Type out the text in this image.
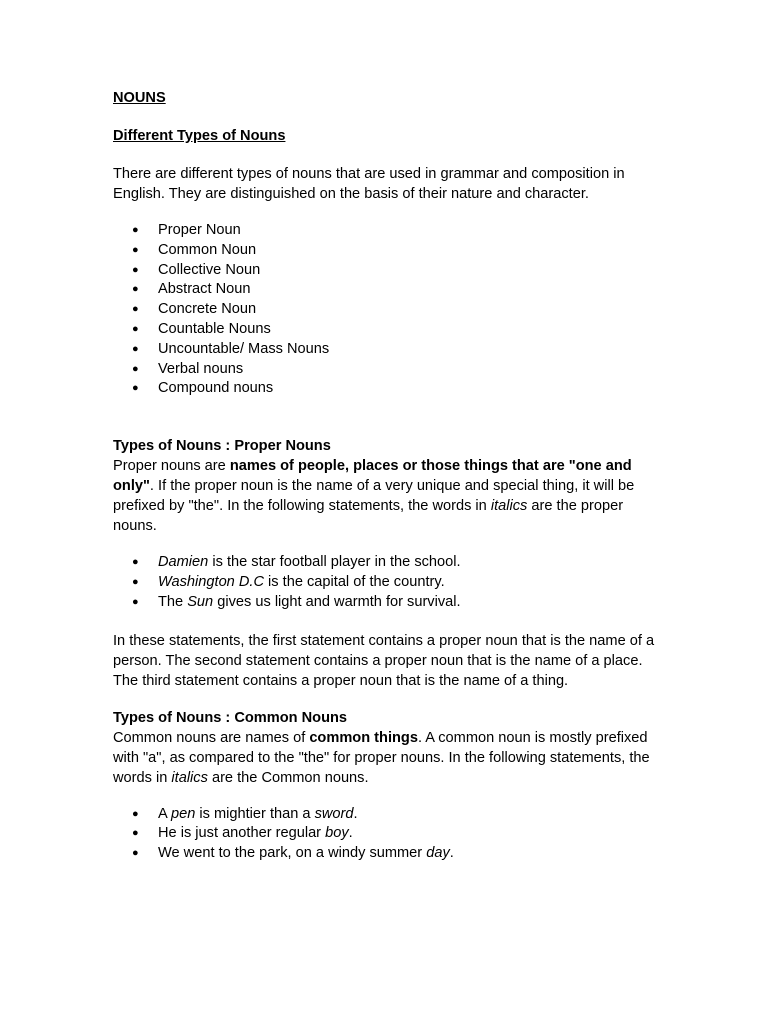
NOUNS

Different Types of Nouns

There are different types of nouns that are used in grammar and composition in English. They are distinguished on the basis of their nature and character.

● Proper Noun
● Common Noun
● Collective Noun
● Abstract Noun
● Concrete Noun
● Countable Nouns
● Uncountable/ Mass Nouns
● Verbal nouns
● Compound nouns

Types of Nouns : Proper Nouns

Proper nouns are names of people, places or those things that are "one and only". If the proper noun is the name of a very unique and special thing, it will be prefixed by "the". In the following statements, the words in italics are the proper nouns.

● Damien is the star football player in the school.
● Washington D.C is the capital of the country.
● The Sun gives us light and warmth for survival.

In these statements, the first statement contains a proper noun that is the name of a person. The second statement contains a proper noun that is the name of a place. The third statement contains a proper noun that is the name of a thing.

Types of Nouns : Common Nouns

Common nouns are names of common things. A common noun is mostly prefixed with "a", as compared to the "the" for proper nouns. In the following statements, the words in italics are the Common nouns.

● A pen is mightier than a sword.
● He is just another regular boy.
● We went to the park, on a windy summer day.
